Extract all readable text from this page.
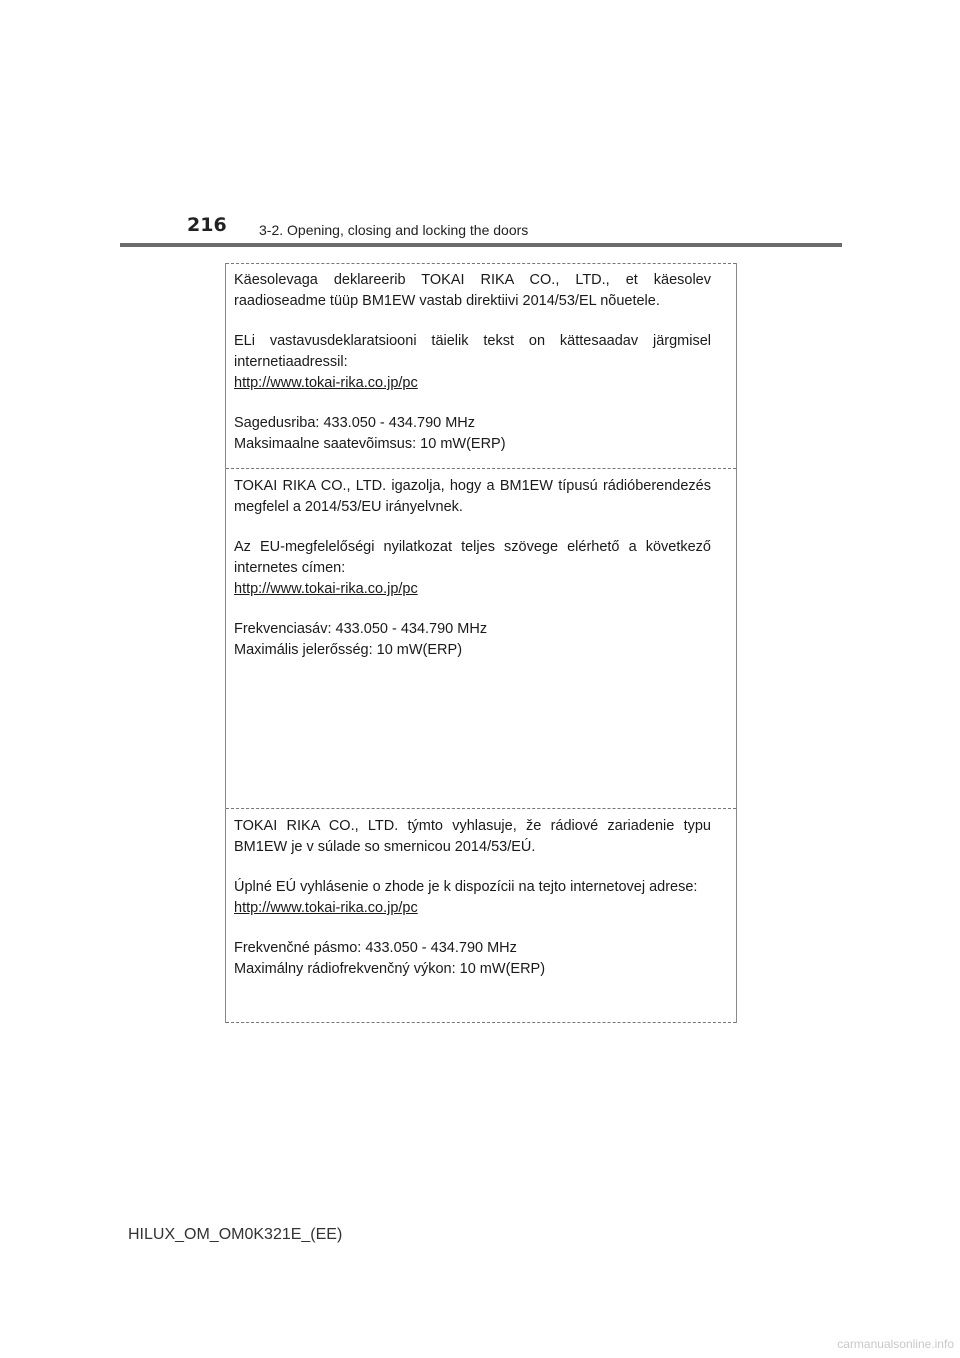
216 3-2. Opening, closing and locking the doors

Käesolevaga deklareerib TOKAI RIKA CO., LTD., et käesolev raadioseadme tüüp BM1EW vastab direktiivi 2014/53/EL nõuetele.

ELi vastavusdeklaratsiooni täielik tekst on kättesaadav järgmisel internetiaadressil:

http://www.tokai-rika.co.jp/pc
Sagedusriba: 433.050 - 434.790 MHz
Maksimaalne saatevõimsus: 10 mW(ERP)

TOKAI RIKA CO., LTD. igazolja, hogy a BM1EW típusú rádióberendezés megfelel a 2014/53/EU irányelvnek.

Az EU-megfelelőségi nyilatkozat teljes szövege elérhető a következő internetes címen:

http://www.tokai-rika.co.jp/pc
Frekvenciasáv: 433.050 - 434.790 MHz
Maximális jelerősség: 10 mW(ERP)

TOKAI RIKA CO., LTD. týmto vyhlasuje, že rádiové zariadenie typu BM1EW je v súlade so smernicou 2014/53/EÚ.

Úplné EÚ vyhlásenie o zhode je k dispozícii na tejto internetovej adrese:

http://www.tokai-rika.co.jp/pc
Frekvenčné pásmo: 433.050 - 434.790 MHz
Maximálny rádiofrekvenčný výkon: 10 mW(ERP)
HILUX_OM_OM0K321E_(EE)
carmanualsonline.info
